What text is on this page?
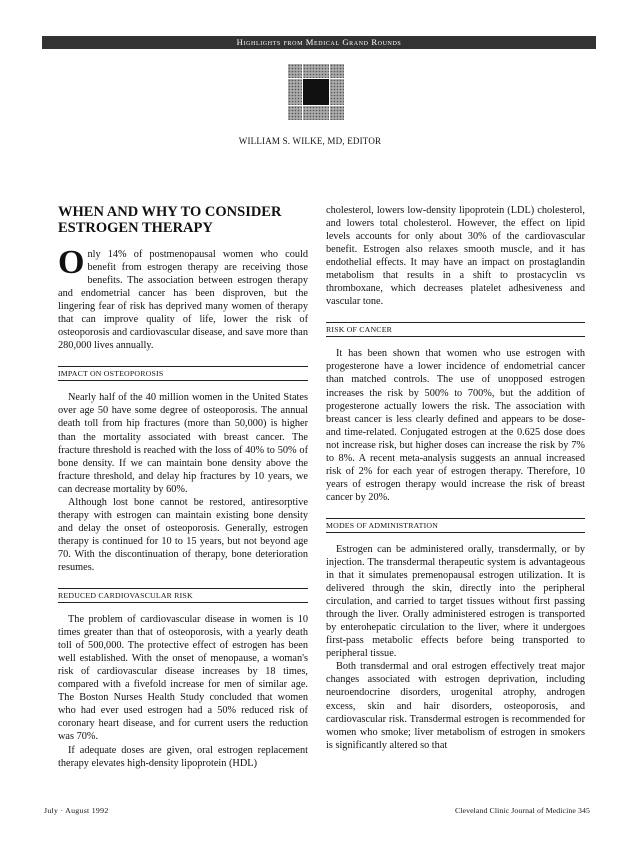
Highlights from Medical Grand Rounds
WILLIAM S. WILKE, MD, EDITOR
WHEN AND WHY TO CONSIDER ESTROGEN THERAPY

Only 14% of postmenopausal women who could benefit from estrogen therapy are receiving those benefits. The association between estrogen therapy and endometrial cancer has been disproven, but the lingering fear of risk has deprived many women of therapy that can improve quality of life, lower the risk of osteoporosis and cardiovascular disease, and save more than 280,000 lives annually.

IMPACT ON OSTEOPOROSIS

Nearly half of the 40 million women in the United States over age 50 have some degree of osteoporosis. The annual death toll from hip fractures (more than 50,000) is higher than the mortality associated with breast cancer. The fracture threshold is reached with the loss of 40% to 50% of bone density. If we can maintain bone density above the fracture threshold, and delay hip fractures by 10 years, we can decrease mortality by 60%.

Although lost bone cannot be restored, antiresorptive therapy with estrogen can maintain existing bone density and delay the onset of osteoporosis. Generally, estrogen therapy is continued for 10 to 15 years, but not beyond age 70. With the discontinuation of therapy, bone deterioration resumes.

REDUCED CARDIOVASCULAR RISK

The problem of cardiovascular disease in women is 10 times greater than that of osteoporosis, with a yearly death toll of 500,000. The protective effect of estrogen has been well established. With the onset of menopause, a woman's risk of cardiovascular disease increases by 18 times, compared with a fivefold increase for men of similar age. The Boston Nurses Health Study concluded that women who had ever used estrogen had a 50% reduced risk of coronary heart disease, and for current users the reduction was 70%.

If adequate doses are given, oral estrogen replacement therapy elevates high-density lipoprotein (HDL)

cholesterol, lowers low-density lipoprotein (LDL) cholesterol, and lowers total cholesterol. However, the effect on lipid levels accounts for only about 30% of the cardiovascular benefit. Estrogen also relaxes smooth muscle, and it has endothelial effects. It may have an impact on prostaglandin metabolism that results in a shift to prostacyclin vs thromboxane, which decreases platelet adhesiveness and vascular tone.

RISK OF CANCER

It has been shown that women who use estrogen with progesterone have a lower incidence of endometrial cancer than matched controls. The use of unopposed estrogen increases the risk by 500% to 700%, but the addition of progesterone actually lowers the risk. The association with breast cancer is less clearly defined and appears to be dose- and time-related. Conjugated estrogen at the 0.625 dose does not increase risk, but higher doses can increase the risk by 7% to 8%. A recent meta-analysis suggests an annual increased risk of 2% for each year of estrogen therapy. Therefore, 10 years of estrogen therapy would increase the risk of breast cancer by 20%.

MODES OF ADMINISTRATION

Estrogen can be administered orally, transdermally, or by injection. The transdermal therapeutic system is advantageous in that it simulates premenopausal estrogen utilization. It is delivered through the skin, directly into the peripheral circulation, and carried to target tissues without first passing through the liver. Orally administered estrogen is transported by enterohepatic circulation to the liver, where it undergoes first-pass metabolic effects before being transported to peripheral tissue.

Both transdermal and oral estrogen effectively treat major changes associated with estrogen deprivation, including neuroendocrine disorders, urogenital atrophy, androgen excess, skin and hair disorders, osteoporosis, and cardiovascular risk. Transdermal estrogen is recommended for women who smoke; liver metabolism of estrogen in smokers is significantly altered so that

July · August 1992	Cleveland Clinic Journal of Medicine 345
